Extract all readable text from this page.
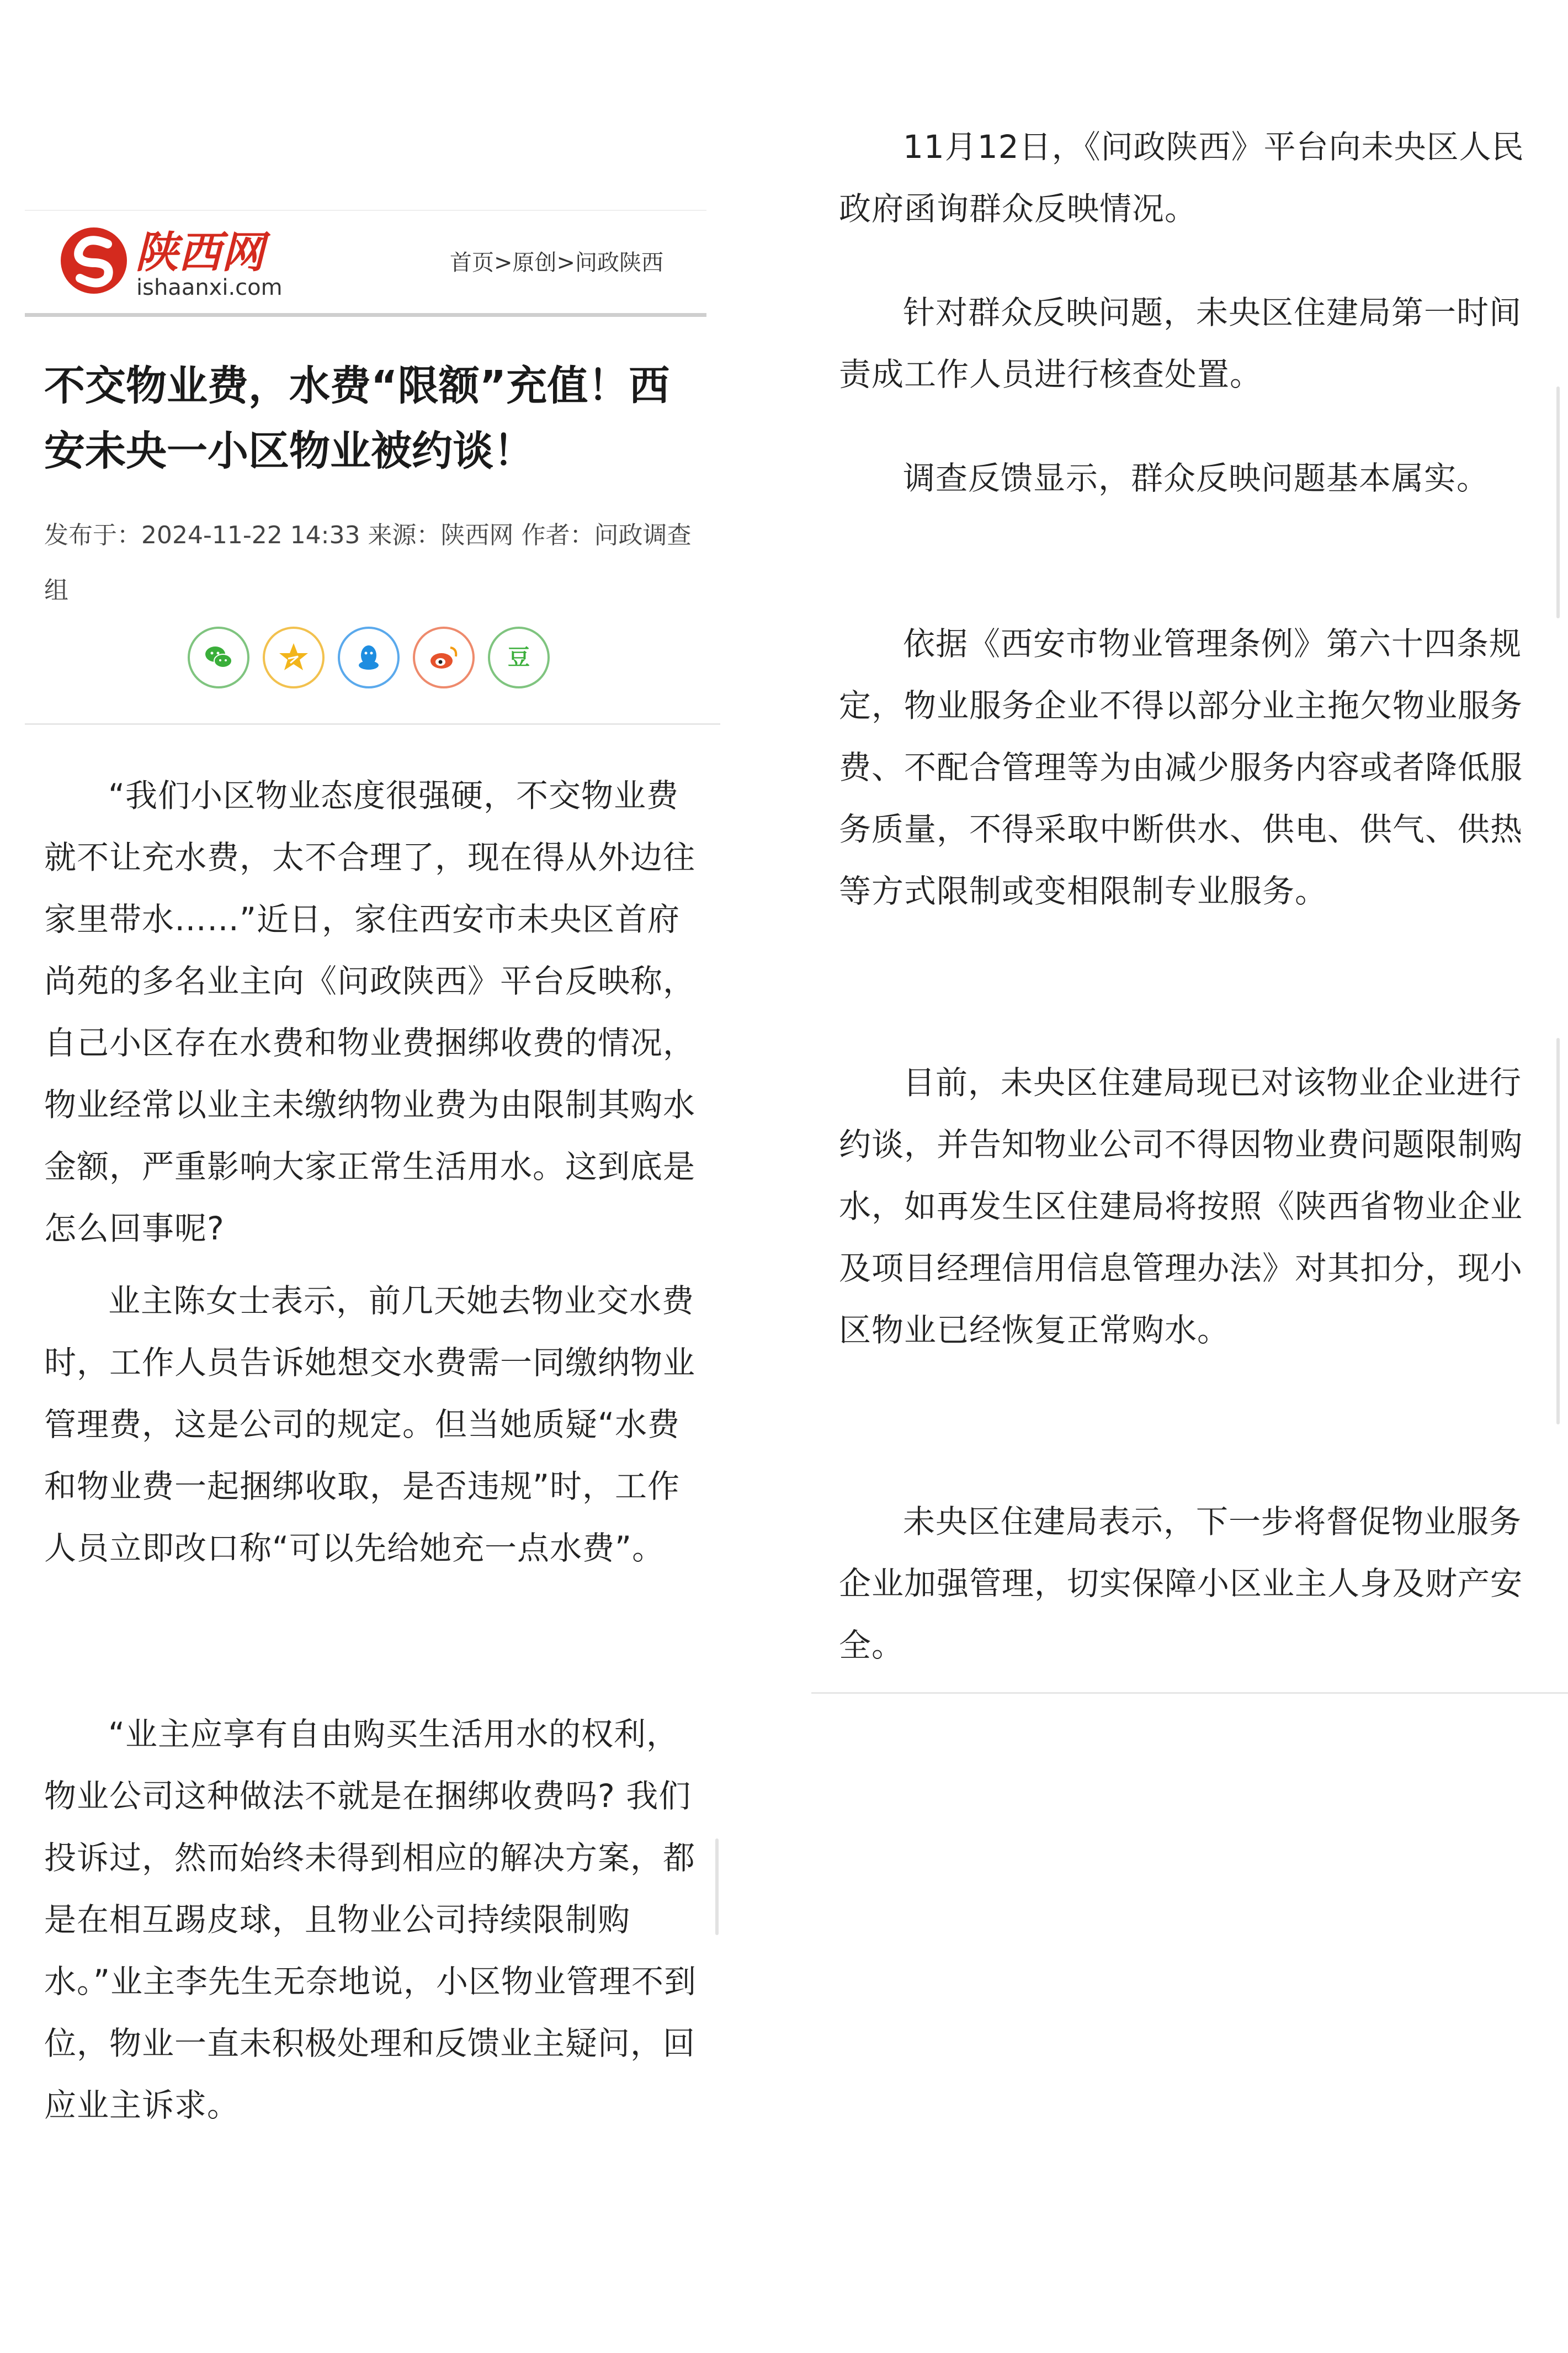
陕西网
ishaanxi.com
首页>原创>问政陕西
不交物业费，水费“限额”充值！西安未央一小区物业被约谈！
发布于：2024-11-22 14:33 来源：陕西网 作者：问政调查组
豆

“我们小区物业态度很强硬，不交物业费就不让充水费，太不合理了，现在得从外边往家里带水……”近日，家住西安市未央区首府尚苑的多名业主向《问政陕西》平台反映称，自己小区存在水费和物业费捆绑收费的情况，物业经常以业主未缴纳物业费为由限制其购水金额，严重影响大家正常生活用水。这到底是怎么回事呢?

业主陈女士表示，前几天她去物业交水费时，工作人员告诉她想交水费需一同缴纳物业管理费，这是公司的规定。但当她质疑“水费和物业费一起捆绑收取，是否违规”时，工作人员立即改口称“可以先给她充一点水费”。

“业主应享有自由购买生活用水的权利，物业公司这种做法不就是在捆绑收费吗? 我们投诉过，然而始终未得到相应的解决方案，都是在相互踢皮球，且物业公司持续限制购水。”业主李先生无奈地说，小区物业管理不到位，物业一直未积极处理和反馈业主疑问，回应业主诉求。

11月12日，《问政陕西》平台向未央区人民政府函询群众反映情况。

针对群众反映问题，未央区住建局第一时间责成工作人员进行核查处置。

调查反馈显示，群众反映问题基本属实。

依据《西安市物业管理条例》第六十四条规定，物业服务企业不得以部分业主拖欠物业服务费、不配合管理等为由减少服务内容或者降低服务质量，不得采取中断供水、供电、供气、供热等方式限制或变相限制专业服务。

目前，未央区住建局现已对该物业企业进行约谈，并告知物业公司不得因物业费问题限制购水，如再发生区住建局将按照《陕西省物业企业及项目经理信用信息管理办法》对其扣分，现小区物业已经恢复正常购水。

未央区住建局表示，下一步将督促物业服务企业加强管理，切实保障小区业主人身及财产安全。
